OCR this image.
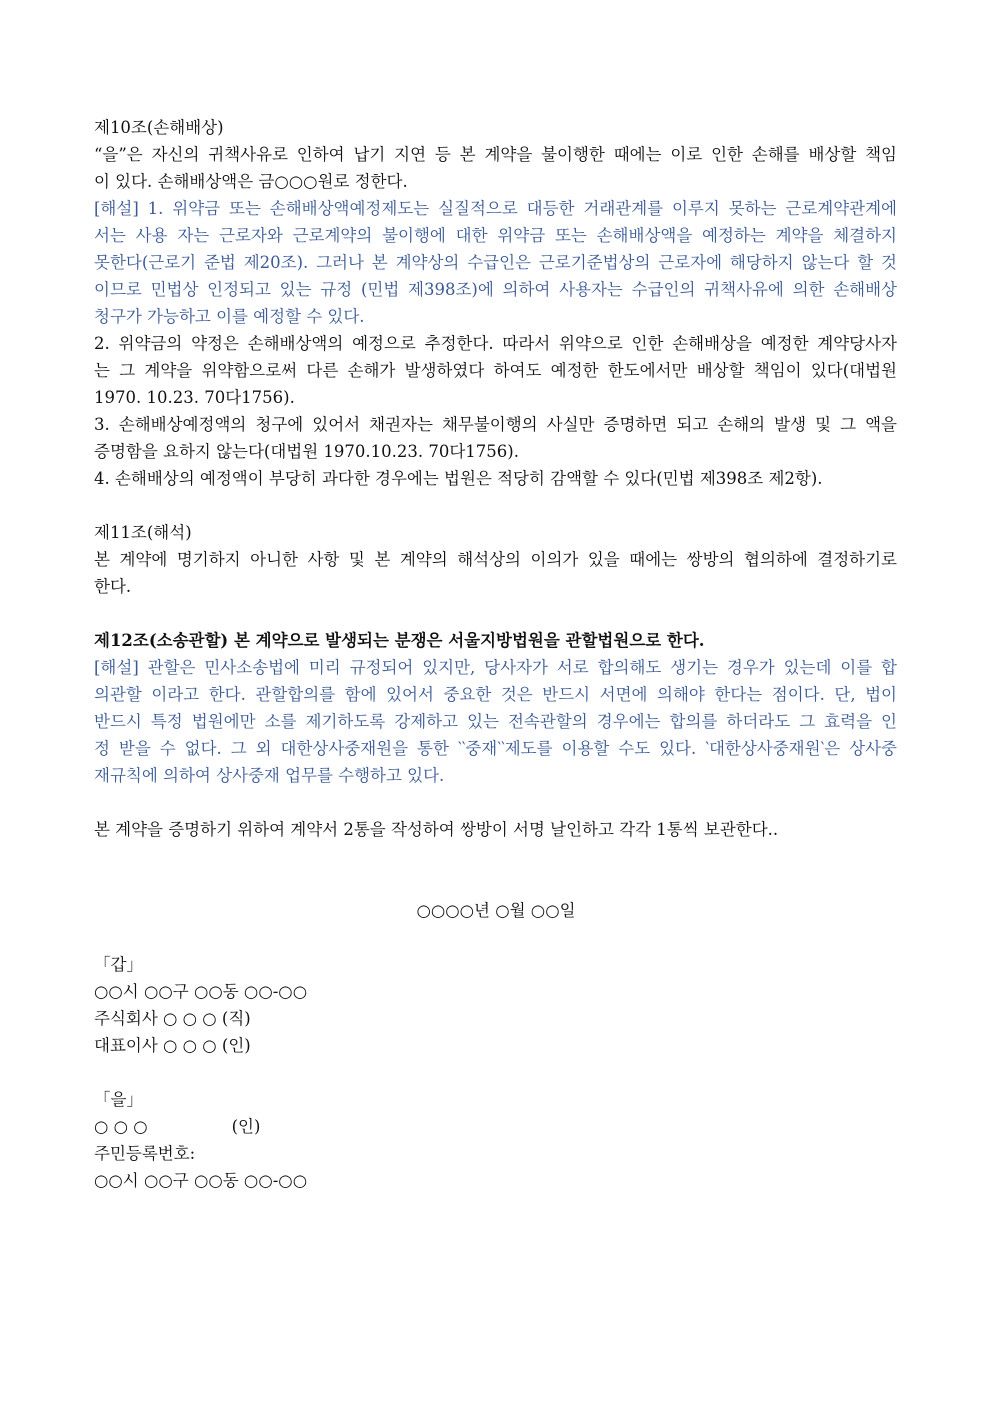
제10조(손해배상)
“을”은 자신의 귀책사유로 인하여 납기 지연 등 본 계약을 불이행한 때에는 이로 인한 손해를 배상할 책임
이 있다. 손해배상액은 금○○○원로 정한다.
[해설] 1. 위약금 또는 손해배상액예정제도는 실질적으로 대등한 거래관계를 이루지 못하는 근로계약관계에
서는 사용 자는 근로자와 근로계약의 불이행에 대한 위약금 또는 손해배상액을 예정하는 계약을 체결하지
못한다(근로기 준법 제20조). 그러나 본 계약상의 수급인은 근로기준법상의 근로자에 해당하지 않는다 할 것
이므로 민법상 인정되고 있는 규정 (민법 제398조)에 의하여 사용자는 수급인의 귀책사유에 의한 손해배상
청구가 가능하고 이를 예정할 수 있다.
2. 위약금의 약정은 손해배상액의 예정으로 추정한다. 따라서 위약으로 인한 손해배상을 예정한 계약당사자
는 그 계약을 위약함으로써 다른 손해가 발생하였다 하여도 예정한 한도에서만 배상할 책임이 있다(대법원
1970. 10.23. 70다1756).
3. 손해배상예정액의 청구에 있어서 채권자는 채무불이행의 사실만 증명하면 되고 손해의 발생 및 그 액을
증명함을 요하지 않는다(대법원 1970.10.23. 70다1756).
4. 손해배상의 예정액이 부당히 과다한 경우에는 법원은 적당히 감액할 수 있다(민법 제398조 제2항).
제11조(해석)
본 계약에 명기하지 아니한 사항 및 본 계약의 해석상의 이의가 있을 때에는 쌍방의 협의하에 결정하기로
한다.
제12조(소송관할) 본 계약으로 발생되는 분쟁은 서울지방법원을 관할법원으로 한다.
[해설] 관할은 민사소송법에 미리 규정되어 있지만, 당사자가 서로 합의해도 생기는 경우가 있는데 이를 합
의관할 이라고 한다. 관할합의를 함에 있어서 중요한 것은 반드시 서면에 의해야 한다는 점이다. 단, 법이
반드시 특정 법원에만 소를 제기하도록 강제하고 있는 전속관할의 경우에는 합의를 하더라도 그 효력을 인
정 받을 수 없다. 그 외 대한상사중재원을 통한 ‵‵중재‵‵제도를 이용할 수도 있다. ‵대한상사중재원‵은 상사중
재규칙에 의하여 상사중재 업무를 수행하고 있다.
본 계약을 증명하기 위하여 계약서 2통을 작성하여 쌍방이 서명 날인하고 각각 1통씩 보관한다..
○○○○년 ○월 ○○일
「갑」
○○시 ○○구 ○○동 ○○-○○
주식회사 ○ ○ ○ (직)
대표이사 ○ ○ ○ (인)
「을」
○ ○ ○                (인)
주민등록번호:
○○시 ○○구 ○○동 ○○-○○
